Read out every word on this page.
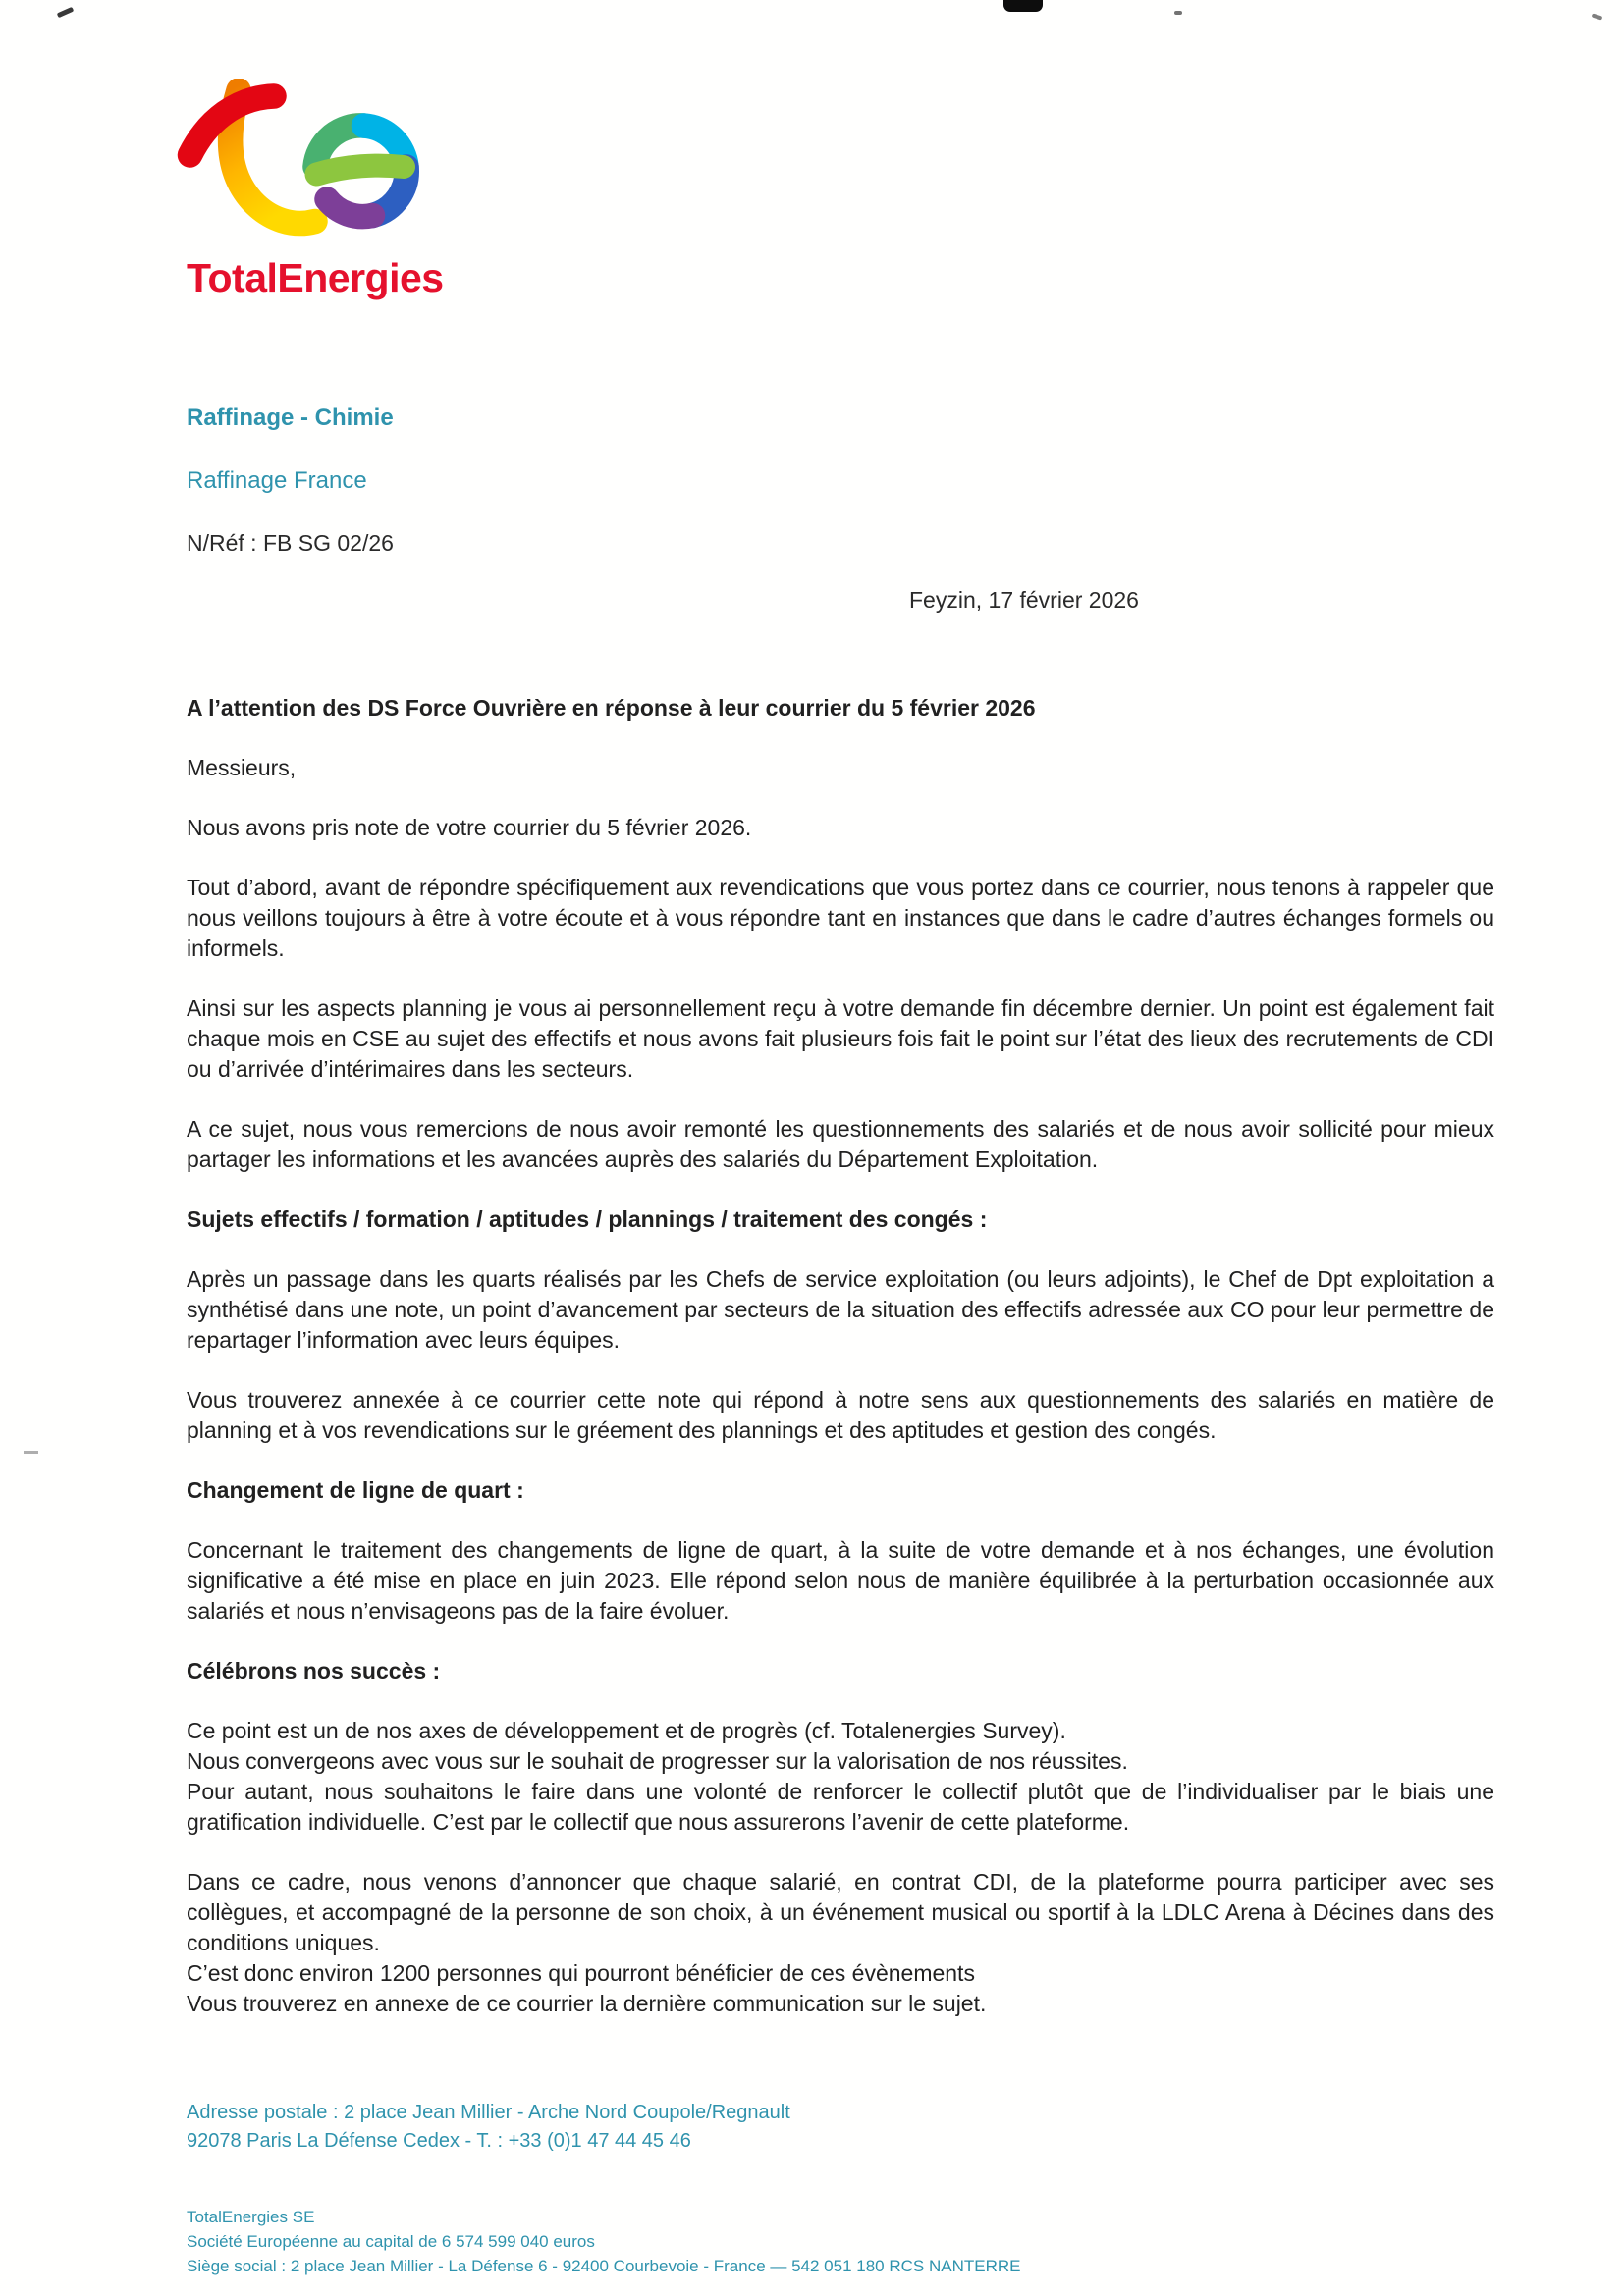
TotalEnergies
Raffinage - Chimie
Raffinage France
N/Réf : FB SG 02/26
Feyzin, 17 février 2026

A l’attention des DS Force Ouvrière en réponse à leur courrier du 5 février 2026

Messieurs,

Nous avons pris note de votre courrier du 5 février 2026.

Tout d’abord, avant de répondre spécifiquement aux revendications que vous portez dans ce courrier, nous tenons à rappeler que nous veillons toujours à être à votre écoute et à vous répondre tant en instances que dans le cadre d’autres échanges formels ou informels.

Ainsi sur les aspects planning je vous ai personnellement reçu à votre demande fin décembre dernier. Un point est également fait chaque mois en CSE au sujet des effectifs et nous avons fait plusieurs fois fait le point sur l’état des lieux des recrutements de CDI ou d’arrivée d’intérimaires dans les secteurs.

A ce sujet, nous vous remercions de nous avoir remonté les questionnements des salariés et de nous avoir sollicité pour mieux partager les informations et les avancées auprès des salariés du Département Exploitation.

Sujets effectifs / formation / aptitudes / plannings / traitement des congés :

Après un passage dans les quarts réalisés par les Chefs de service exploitation (ou leurs adjoints), le Chef de Dpt exploitation a synthétisé dans une note, un point d’avancement par secteurs de la situation des effectifs adressée aux CO pour leur permettre de repartager l’information avec leurs équipes.

Vous trouverez annexée à ce courrier cette note qui répond à notre sens aux questionnements des salariés en matière de planning et à vos revendications sur le gréement des plannings et des aptitudes et gestion des congés.

Changement de ligne de quart :

Concernant le traitement des changements de ligne de quart, à la suite de votre demande et à nos échanges, une évolution significative a été mise en place en juin 2023. Elle répond selon nous de manière équilibrée à la perturbation occasionnée aux salariés et nous n’envisageons pas de la faire évoluer.

Célébrons nos succès :

Ce point est un de nos axes de développement et de progrès (cf. Totalenergies Survey).
Nous convergeons avec vous sur le souhait de progresser sur la valorisation de nos réussites.
Pour autant, nous souhaitons le faire dans une volonté de renforcer le collectif plutôt que de l’individualiser par le biais une gratification individuelle. C’est par le collectif que nous assurerons l’avenir de cette plateforme.
Dans ce cadre, nous venons d’annoncer que chaque salarié, en contrat CDI, de la plateforme pourra participer avec ses collègues, et accompagné de la personne de son choix, à un événement musical ou sportif à la LDLC Arena à Décines dans des conditions uniques.
C’est donc environ 1200 personnes qui pourront bénéficier de ces évènements
Vous trouverez en annexe de ce courrier la dernière communication sur le sujet.
Adresse postale : 2 place Jean Millier - Arche Nord Coupole/Regnault
92078 Paris La Défense Cedex - T. : +33 (0)1 47 44 45 46
TotalEnergies SE
Société Européenne au capital de 6 574 599 040 euros
Siège social : 2 place Jean Millier - La Défense 6 - 92400 Courbevoie - France — 542 051 180 RCS NANTERRE
